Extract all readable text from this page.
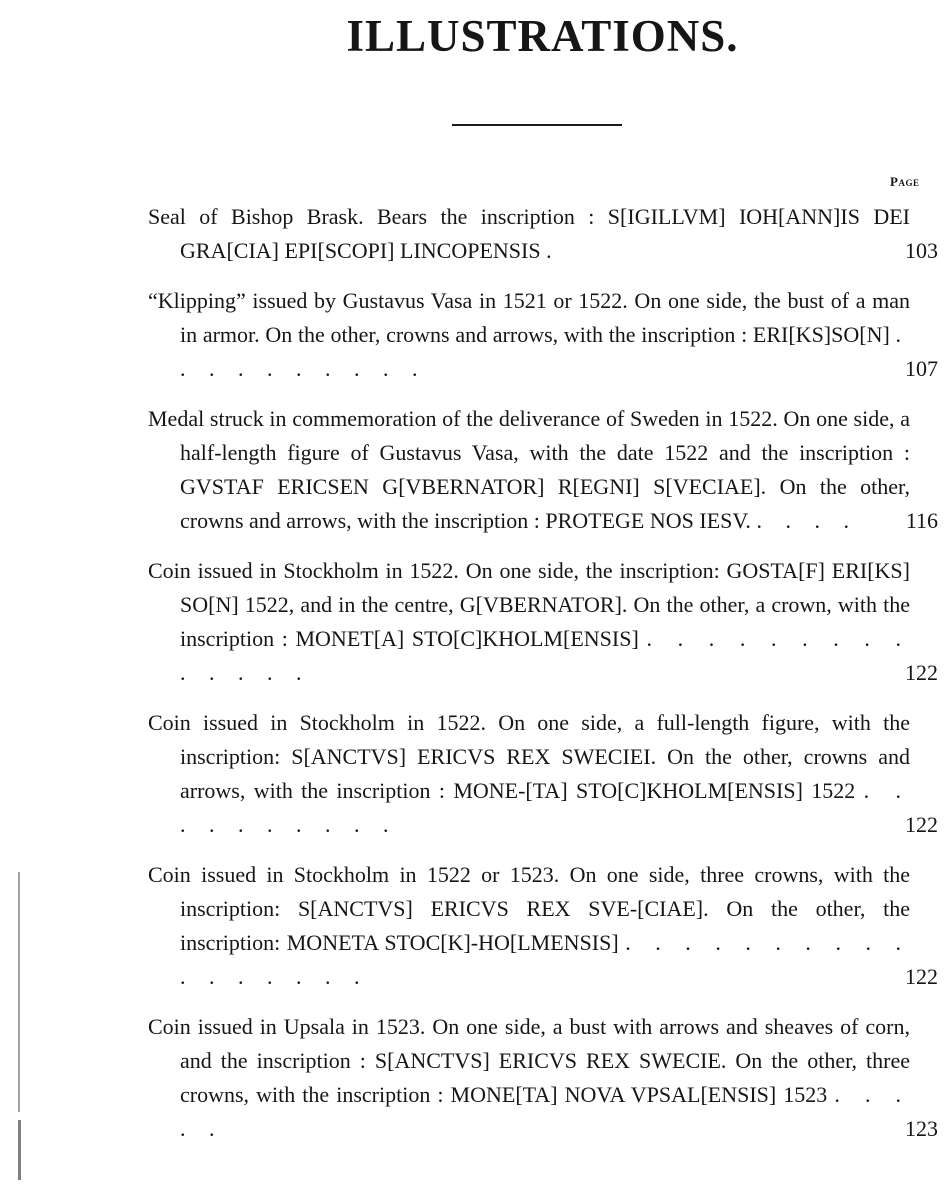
ILLUSTRATIONS.
Page
Seal of Bishop Brask. Bears the inscription : S[IGILLVM] IOH[ANN]IS DEI GRA[CIA] EPI[SCOPI] LINCOPENSIS .	103
“Klipping” issued by Gustavus Vasa in 1521 or 1522. On one side, the bust of a man in armor. On the other, crowns and arrows, with the inscription : ERI[KS]SO[N] . . . . . . . . . .	107
Medal struck in commemoration of the deliverance of Sweden in 1522. On one side, a half-length figure of Gustavus Vasa, with the date 1522 and the inscription : GVSTAF ERICSEN G[VBERNATOR] R[EGNI] S[VECIAE]. On the other, crowns and arrows, with the inscription : PROTEGE NOS IESV. . . . .	116
Coin issued in Stockholm in 1522. On one side, the inscription: GOSTA[F] ERI[KS] SO[N] 1522, and in the centre, G[VBERNATOR]. On the other, a crown, with the inscription : MONET[A] STO[C]KHOLM[ENSIS] . . . . . . . . . . . . . .	122
Coin issued in Stockholm in 1522. On one side, a full-length figure, with the inscription: S[ANCTVS] ERICVS REX SWECIEI. On the other, crowns and arrows, with the inscription : MONE-[TA] STO[C]KHOLM[ENSIS] 1522 . . . . . . . . . .	122
Coin issued in Stockholm in 1522 or 1523. On one side, three crowns, with the inscription: S[ANCTVS] ERICVS REX SVE-[CIAE]. On the other, the inscription: MONETA STOC[K]-HO[LMENSIS] . . . . . . . . . . . . . . . . .	122
Coin issued in Upsala in 1523. On one side, a bust with arrows and sheaves of corn, and the inscription : S[ANCTVS] ERICVS REX SWECIE. On the other, three crowns, with the inscription : MONE[TA] NOVA VPSAL[ENSIS] 1523 . . . . .	123
